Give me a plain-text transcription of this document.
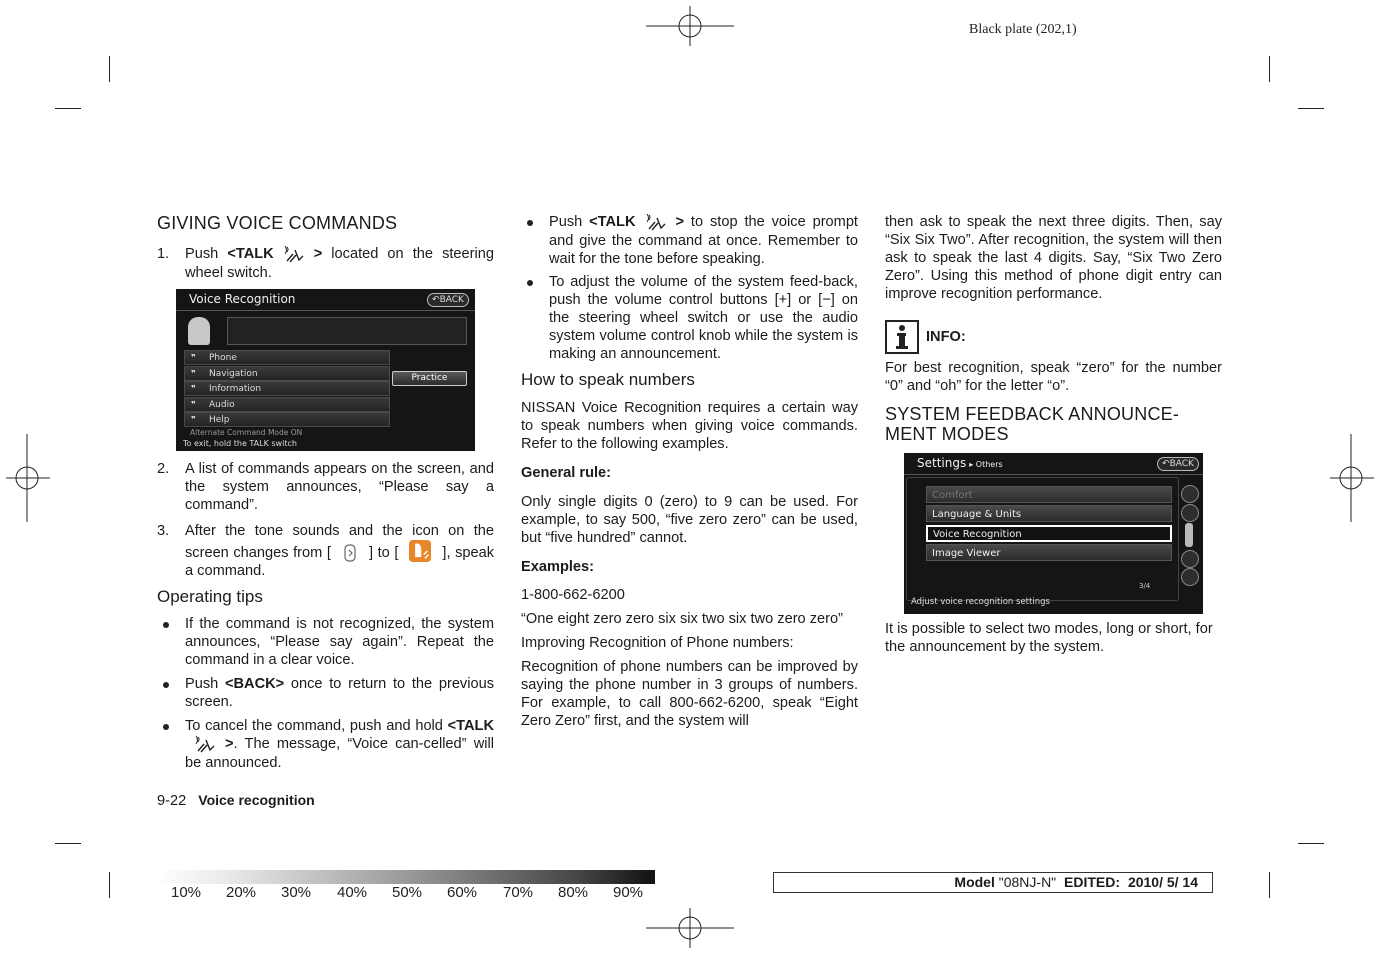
Black plate (202,1)
GIVING VOICE COMMANDS
1. Push <TALK	> located on the steering wheel switch.
Voice Recognition	↶BACK
❞ Phone
❞ Navigation
❞ Information
❞ Audio
❞ Help
Practice
Alternate Command Mode ON
To exit, hold the TALK switch
2. A list of commands appears on the screen, and the system announces, “Please say a command”.
3. After the tone sounds and the icon on the screen changes from [	] to [	], speak a command.
Operating tips
If the command is not recognized, the system announces, “Please say again”. Repeat the command in a clear voice.
Push <BACK> once to return to the previous screen.
To cancel the command, push and hold <TALK>. The message, “Voice can-celled” will be announced.
Push <TALK	> to stop the voice prompt and give the command at once. Remember to wait for the tone before speaking.
To adjust the volume of the system feed-back, push the volume control buttons [+] or [−] on the steering wheel switch or use the audio system volume control knob while the system is making an announcement.
How to speak numbers

NISSAN Voice Recognition requires a certain way to speak numbers when giving voice commands. Refer to the following examples.

General rule:

Only single digits 0 (zero) to 9 can be used. For example, to say 500, “five zero zero” can be used, but “five hundred” cannot.

Examples:

1-800-662-6200

“One eight zero zero six six two six two zero zero”

Improving Recognition of Phone numbers:

Recognition of phone numbers can be improved by saying the phone number in 3 groups of numbers. For example, to call 800-662-6200, speak “Eight Zero Zero” first, and the system will

then ask to speak the next three digits. Then, say “Six Six Two”. After recognition, the system will then ask to speak the last 4 digits. Say, “Six Two Zero Zero”. Using this method of phone digit entry can improve recognition performance.

INFO:

For best recognition, speak “zero” for the number “0” and “oh” for the letter “o”.

SYSTEM FEEDBACK ANNOUNCE-MENT MODES
Settings ▸ Others	↶BACK
Comfort
Language & Units
Voice Recognition
Image Viewer
3/4
Adjust voice recognition settings

It is possible to select two modes, long or short, for the announcement by the system.

9-22 Voice recognition
10% 20% 30% 40% 50% 60% 70% 80% 90%
Model "08NJ-N" EDITED: 2010/ 5/ 14
